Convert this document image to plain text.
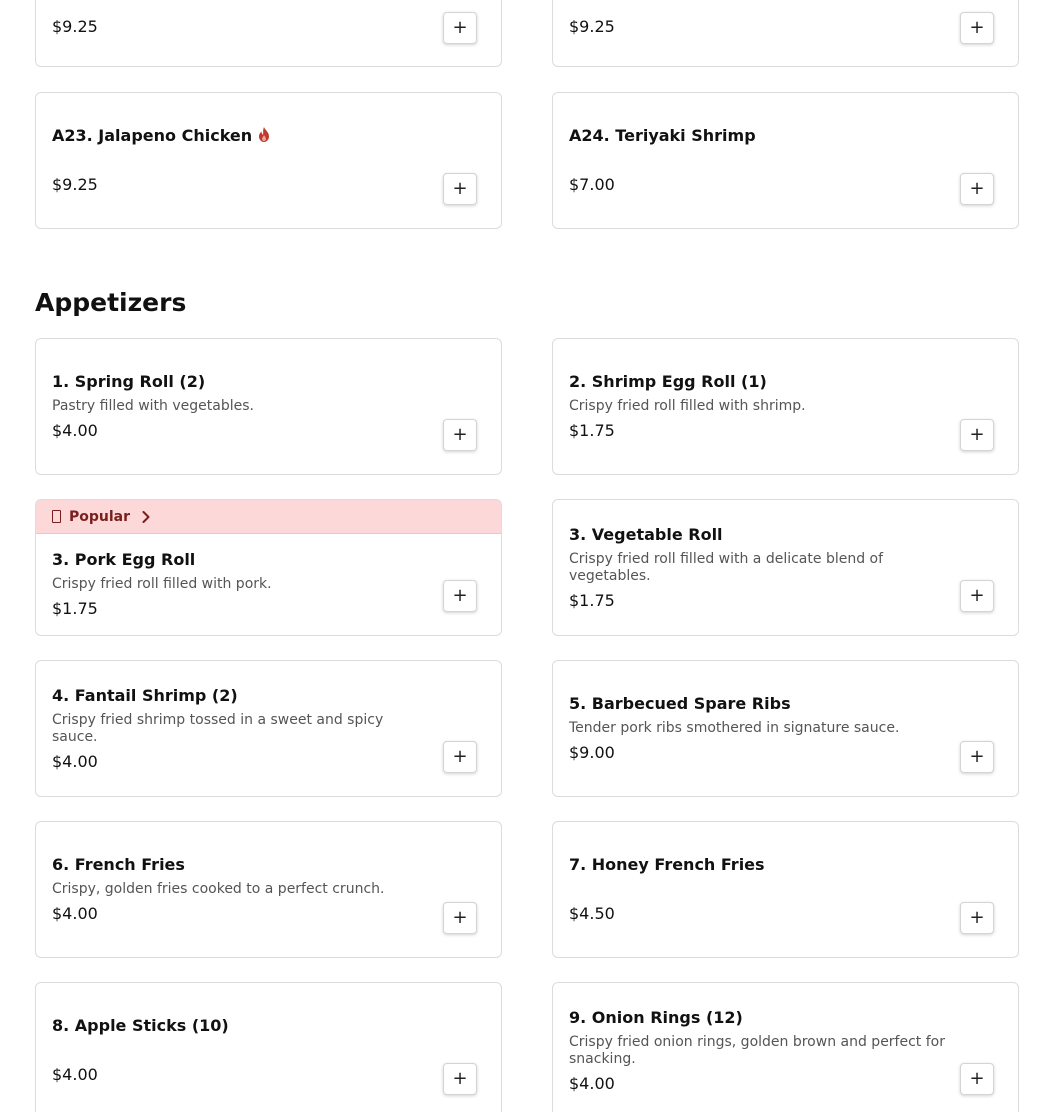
$9.25	+	$9.25	+
A23. Jalapeno Chicken
$9.25	+
A24. Teriyaki Shrimp
$7.00	+
Appetizers
1. Spring Roll (2)
Pastry filled with vegetables.
$4.00	+
2. Shrimp Egg Roll (1)
Crispy fried roll filled with shrimp.
$1.75	+
Popular
3. Pork Egg Roll
Crispy fried roll filled with pork.
$1.75
+
3. Vegetable Roll
Crispy fried roll filled with a delicate blend of vegetables.
$1.75	+
4. Fantail Shrimp (2)
Crispy fried shrimp tossed in a sweet and spicy sauce.
$4.00	+
5. Barbecued Spare Ribs
Tender pork ribs smothered in signature sauce.
$9.00	+
6. French Fries
Crispy, golden fries cooked to a perfect crunch.
$4.00	+
7. Honey French Fries
$4.50	+
8. Apple Sticks (10)
$4.00	+
9. Onion Rings (12)
Crispy fried onion rings, golden brown and perfect for snacking.
$4.00	+
